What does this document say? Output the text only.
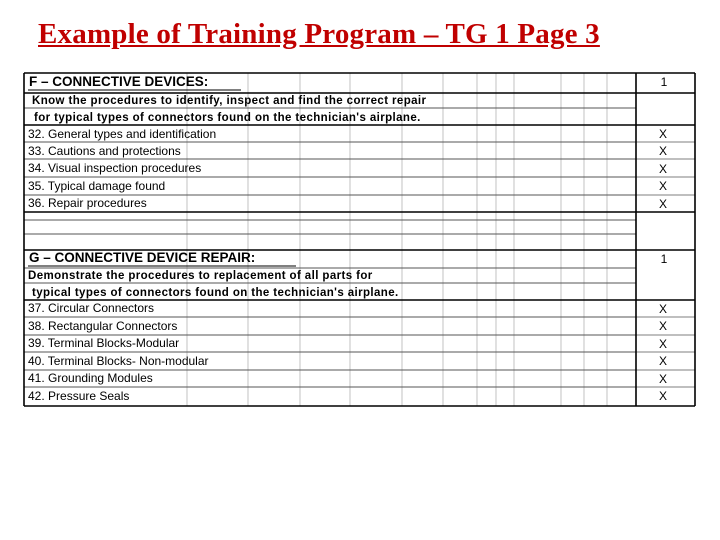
Example of Training Program – TG 1 Page 3
F – CONNECTIVE DEVICES:	1
Know the procedures to identify, inspect and find the correct repair
for typical types of connectors found on the technician's airplane.
32. General types and identification	X
33. Cautions and protections	X
34. Visual inspection procedures	X
35. Typical damage found	X
36. Repair procedures	X
G – CONNECTIVE DEVICE REPAIR:	1
Demonstrate the procedures to replacement of all parts for
typical types of connectors found on the technician's airplane.
37. Circular Connectors	X
38. Rectangular Connectors	X
39. Terminal Blocks-Modular	X
40. Terminal Blocks- Non-modular	X
41. Grounding Modules	X
42. Pressure Seals	X
